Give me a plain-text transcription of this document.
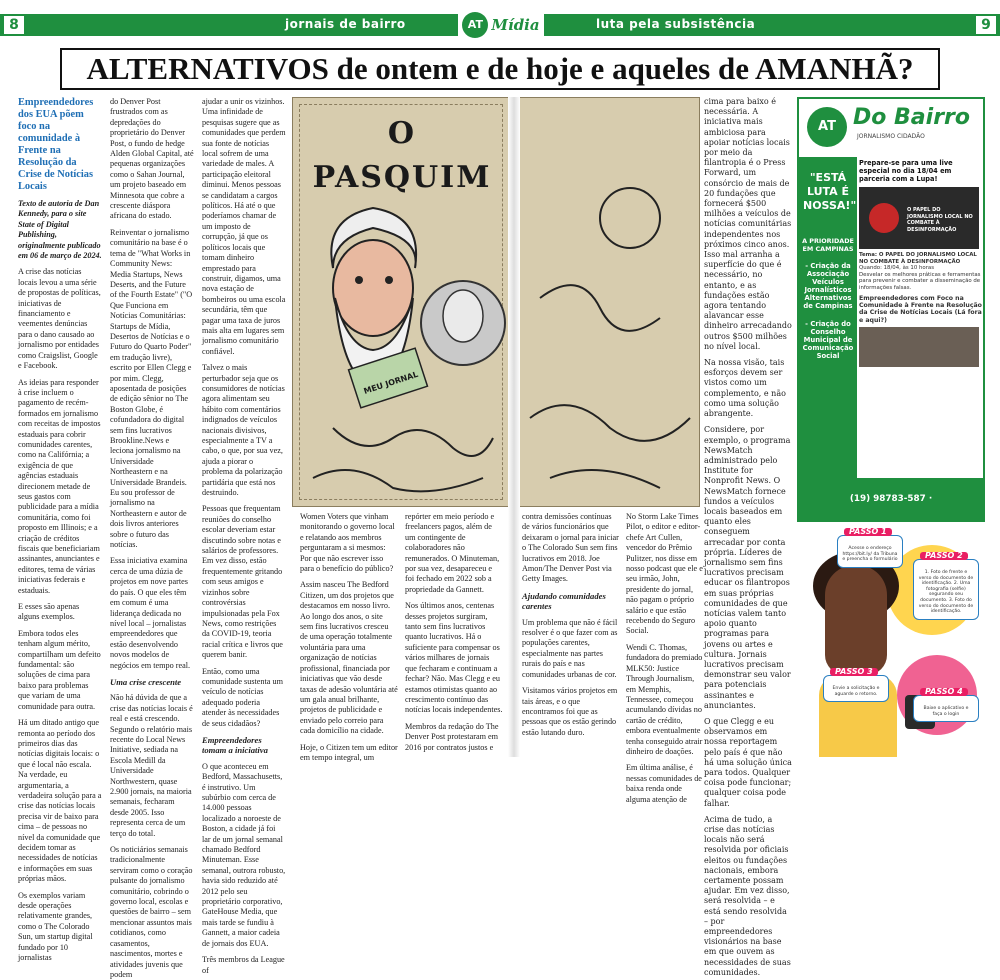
8	jornais de bairro	luta pela subsistência	9
AT Mídia
ALTERNATIVOS de ontem e de hoje e aqueles de AMANHÃ?

Empreendedores dos EUA põem foco na comunidade à Frente na Resolução da Crise de Notícias Locais

Texto de autoria de Dan Kennedy, para o site State of Digital Publishing, originalmente publicado em 06 de março de 2024.

A crise das notícias locais levou a uma série de propostas de políticas, iniciativas de financiamento e veementes denúncias para o dano causado ao jornalismo por entidades como Craigslist, Google e Facebook.

As ideias para responder à crise incluem o pagamento de recém-formados em jornalismo com receitas de impostos estaduais para cobrir comunidades carentes, como na Califórnia; a exigência de que agências estaduais direcionem metade de seus gastos com publicidade para a mídia comunitária, como foi proposto em Illinois; e a criação de créditos fiscais que beneficiariam assinantes, anunciantes e editores, tema de várias iniciativas federais e estaduais.

E esses são apenas alguns exemplos.

Embora todos eles tenham algum mérito, compartilham um defeito fundamental: são soluções de cima para baixo para problemas que variam de uma comunidade para outra.

Há um ditado antigo que remonta ao período dos primeiros dias das notícias digitais locais: o que é local não escala. Na verdade, eu argumentaria, a verdadeira solução para a crise das notícias locais precisa vir de baixo para cima – de pessoas no nível da comunidade que decidem tomar as necessidades de notícias e informações em suas próprias mãos.

Os exemplos variam desde operações relativamente grandes, como o The Colorado Sun, um startup digital fundado por 10 jornalistas

do Denver Post frustrados com as depredações do proprietário do Denver Post, o fundo de hedge Alden Global Capital, até pequenas organizações como o Sahan Journal, um projeto baseado em Minnesota que cobre a crescente diáspora africana do estado.

Reinventar o jornalismo comunitário na base é o tema de "What Works in Community News: Media Startups, News Deserts, and the Future of the Fourth Estate" ("O Que Funciona em Notícias Comunitárias: Startups de Mídia, Desertos de Notícias e o Futuro do Quarto Poder" em tradução livre), escrito por Ellen Clegg e por mim. Clegg, aposentada de posições de edição sênior no The Boston Globe, é cofundadora do digital sem fins lucrativos Brookline.News e leciona jornalismo na Universidade Northeastern e na Universidade Brandeis. Eu sou professor de jornalismo na Northeastern e autor de dois livros anteriores sobre o futuro das notícias.

Essa iniciativa examina cerca de uma dúzia de projetos em nove partes do país. O que eles têm em comum é uma liderança dedicada no nível local – jornalistas empreendedores que estão desenvolvendo novos modelos de negócios em tempo real.

Uma crise crescente

Não há dúvida de que a crise das notícias locais é real e está crescendo. Segundo o relatório mais recente do Local News Initiative, sediada na Escola Medill da Universidade Northwestern, quase 2.900 jornais, na maioria semanais, fecharam desde 2005. Isso representa cerca de um terço do total.

Os noticiários semanais tradicionalmente serviram como o coração pulsante do jornalismo comunitário, cobrindo o governo local, escolas e questões de bairro – sem mencionar assuntos mais cotidianos, como casamentos, nascimentos, mortes e atividades juvenis que podem

ajudar a unir os vizinhos. Uma infinidade de pesquisas sugere que as comunidades que perdem sua fonte de notícias local sofrem de uma variedade de males. A participação eleitoral diminui. Menos pessoas se candidatam a cargos políticos. Há até o que poderíamos chamar de um imposto de corrupção, já que os políticos locais que tomam dinheiro emprestado para construir, digamos, uma nova estação de bombeiros ou uma escola secundária, têm que pagar uma taxa de juros mais alta em lugares sem jornalismo comunitário confiável.

Talvez o mais perturbador seja que os consumidores de notícias agora alimentam seu hábito com comentários indignados de veículos nacionais divisivos, especialmente a TV a cabo, o que, por sua vez, ajuda a piorar o problema da polarização partidária que está nos destruindo.

Pessoas que frequentam reuniões do conselho escolar deveriam estar discutindo sobre notas e salários de professores. Em vez disso, estão frequentemente gritando com seus amigos e vizinhos sobre controvérsias impulsionadas pela Fox News, como restrições da COVID-19, teoria racial crítica e livros que querem banir.

Então, como uma comunidade sustenta um veículo de notícias adequado poderia atender às necessidades de seus cidadãos?

Empreendedores tomam a iniciativa

O que aconteceu em Bedford, Massachusetts, é instrutivo. Um subúrbio com cerca de 14.000 pessoas localizado a noroeste de Boston, a cidade já foi lar de um jornal semanal chamado Bedford Minuteman. Esse semanal, outrora robusto, havia sido reduzido até 2012 pelo seu proprietário corporativo, GateHouse Media, que mais tarde se fundiu à Gannett, a maior cadeia de jornais dos EUA.

Três membros da League of

O PASQUIM
MEU JORNAL

Women Voters que vinham monitorando o governo local e relatando aos membros perguntaram a si mesmos: Por que não escrever isso para o benefício do público?

Assim nasceu The Bedford Citizen, um dos projetos que destacamos em nosso livro. Ao longo dos anos, o site sem fins lucrativos cresceu de uma operação totalmente voluntária para uma organização de notícias profissional, financiada por iniciativas que vão desde taxas de adesão voluntária até um gala anual brilhante, projetos de publicidade e enviado pelo correio para cada domicílio na cidade.

Hoje, o Citizen tem um editor em tempo integral, um

repórter em meio período e freelancers pagos, além de um contingente de colaboradores não remunerados. O Minuteman, por sua vez, desapareceu e foi fechado em 2022 sob a propriedade da Gannett.

Nos últimos anos, centenas desses projetos surgiram, tanto sem fins lucrativos quanto lucrativos. Há o suficiente para compensar os vários milhares de jornais que fecharam e continuam a fechar? Não. Mas Clegg e eu estamos otimistas quanto ao crescimento contínuo das notícias locais independentes.

Membros da redação do The Denver Post protestaram em 2016 por contratos justos e

contra demissões contínuas de vários funcionários que deixaram o jornal para iniciar o The Colorado Sun sem fins lucrativos em 2018. Joe Amon/The Denver Post via Getty Images.

Ajudando comunidades carentes

Um problema que não é fácil resolver é o que fazer com as populações carentes, especialmente nas partes rurais do país e nas comunidades urbanas de cor.

Visitamos vários projetos em tais áreas, e o que encontramos foi que as pessoas que os estão gerindo estão lutando duro.

No Storm Lake Times Pilot, o editor e editor-chefe Art Cullen, vencedor do Prêmio Pulitzer, nos disse em nosso podcast que ele e seu irmão, John, presidente do jornal, não pagam o próprio salário e que estão recebendo do Seguro Social.

Wendi C. Thomas, fundadora do premiado MLK50: Justice Through Journalism, em Memphis, Tennessee, começou acumulando dívidas no cartão de crédito, embora eventualmente tenha conseguido atrair dinheiro de doações.

Em última análise, é nessas comunidades de baixa renda onde alguma atenção de

cima para baixo é necessária. A iniciativa mais ambiciosa para apoiar notícias locais por meio da filantropia é o Press Forward, um consórcio de mais de 20 fundações que fornecerá $500 milhões a veículos de notícias comunitárias independentes nos próximos cinco anos. Isso mal arranha a superfície do que é necessário, no entanto, e as fundações estão agora tentando alavancar esse dinheiro arrecadando outros $500 milhões no nível local.

Na nossa visão, tais esforços devem ser vistos como um complemento, e não como uma solução abrangente.

Considere, por exemplo, o programa NewsMatch administrado pelo Institute for Nonprofit News. O NewsMatch fornece fundos a veículos locais baseados em quanto eles conseguem arrecadar por conta própria. Líderes de jornalismo sem fins lucrativos precisam educar os filantropos em suas próprias comunidades de que notícias valem tanto apoio quanto programas para jovens ou artes e cultura. Jornais lucrativos precisam demonstrar seu valor para potenciais assinantes e anunciantes.

O que Clegg e eu observamos em nossa reportagem pelo país é que não há uma solução única para todos. Qualquer coisa pode funcionar; qualquer coisa pode falhar.

Acima de tudo, a crise das notícias locais não será resolvida por oficiais eleitos ou fundações nacionais, embora certamente possam ajudar. Em vez disso, será resolvida – e está sendo resolvida – por empreendedores visionários na base em que ouvem as necessidades de suas comunidades.

AT Do Bairro
JORNALISMO CIDADÃO
"ESTÁ LUTA É NOSSA!"
A PRIORIDADE EM CAMPINAS
- Criação da Associação Veículos Jornalísticos Alternativos de Campinas
- Criação do Conselho Municipal de Comunicação Social
Prepare-se para uma live especial no dia 18/04 em parceria com a Lupa!
O PAPEL DO JORNALISMO LOCAL NO COMBATE À DESINFORMAÇÃO

Tema: O PAPEL DO JORNALISMO LOCAL NO COMBATE À DESINFORMAÇÃO

Quando: 18/04, às 10 horas

Desvelar os melhores práticas e ferramentas para prevenir e combater a disseminação de informações falsas.

Empreendedores com Foco na Comunidade à Frente na Resolução da Crise de Notícias Locais (Lá fora e aqui?)

(19) 98783-587 ·
PASSO 1
Acesse o endereço https://bit.ly/ da Tribuna e preencha o formulário	PASSO 2
1. Foto de frente e verso do documento de identificação. 2. Uma fotografia (selfie) segurando seu documento. 3. Foto do verso do documento de identificação.
PASSO 3
Envie a solicitação e aguarde o retorno.	PASSO 4
Baixe o aplicativo e faça o login
